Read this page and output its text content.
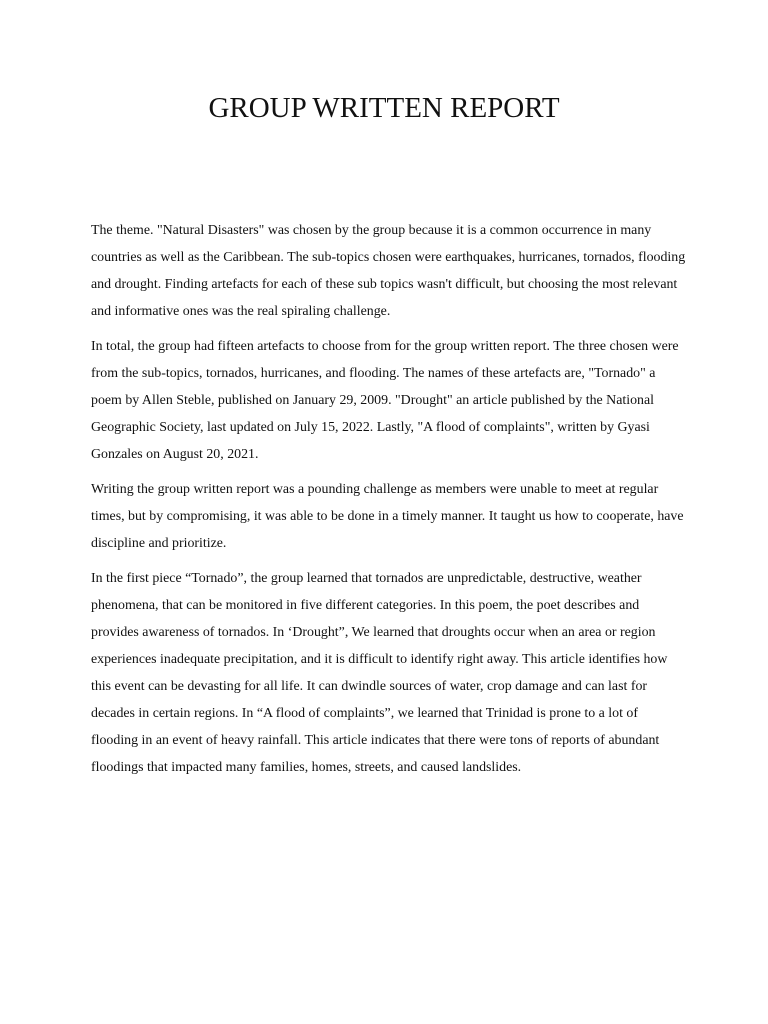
GROUP WRITTEN REPORT

The theme. "Natural Disasters" was chosen by the group because it is a common occurrence in many countries as well as the Caribbean. The sub-topics chosen were earthquakes, hurricanes, tornados, flooding and drought. Finding artefacts for each of these sub topics wasn't difficult, but choosing the most relevant and informative ones was the real spiraling challenge.

In total, the group had fifteen artefacts to choose from for the group written report. The three chosen were from the sub-topics, tornados, hurricanes, and flooding. The names of these artefacts are, "Tornado" a poem by Allen Steble, published on January 29, 2009. "Drought" an article published by the National Geographic Society, last updated on July 15, 2022. Lastly, "A flood of complaints", written by Gyasi Gonzales on August 20, 2021.

Writing the group written report was a pounding challenge as members were unable to meet at regular times, but by compromising, it was able to be done in a timely manner. It taught us how to cooperate, have discipline and prioritize.

In the first piece “Tornado”, the group learned that tornados are unpredictable, destructive, weather phenomena, that can be monitored in five different categories. In this poem, the poet describes and provides awareness of tornados. In ‘Drought”, We learned that droughts occur when an area or region experiences inadequate precipitation, and it is difficult to identify right away. This article identifies how this event can be devasting for all life. It can dwindle sources of water, crop damage and can last for decades in certain regions. In “A flood of complaints”, we learned that Trinidad is prone to a lot of flooding in an event of heavy rainfall. This article indicates that there were tons of reports of abundant floodings that impacted many families, homes, streets, and caused landslides.
